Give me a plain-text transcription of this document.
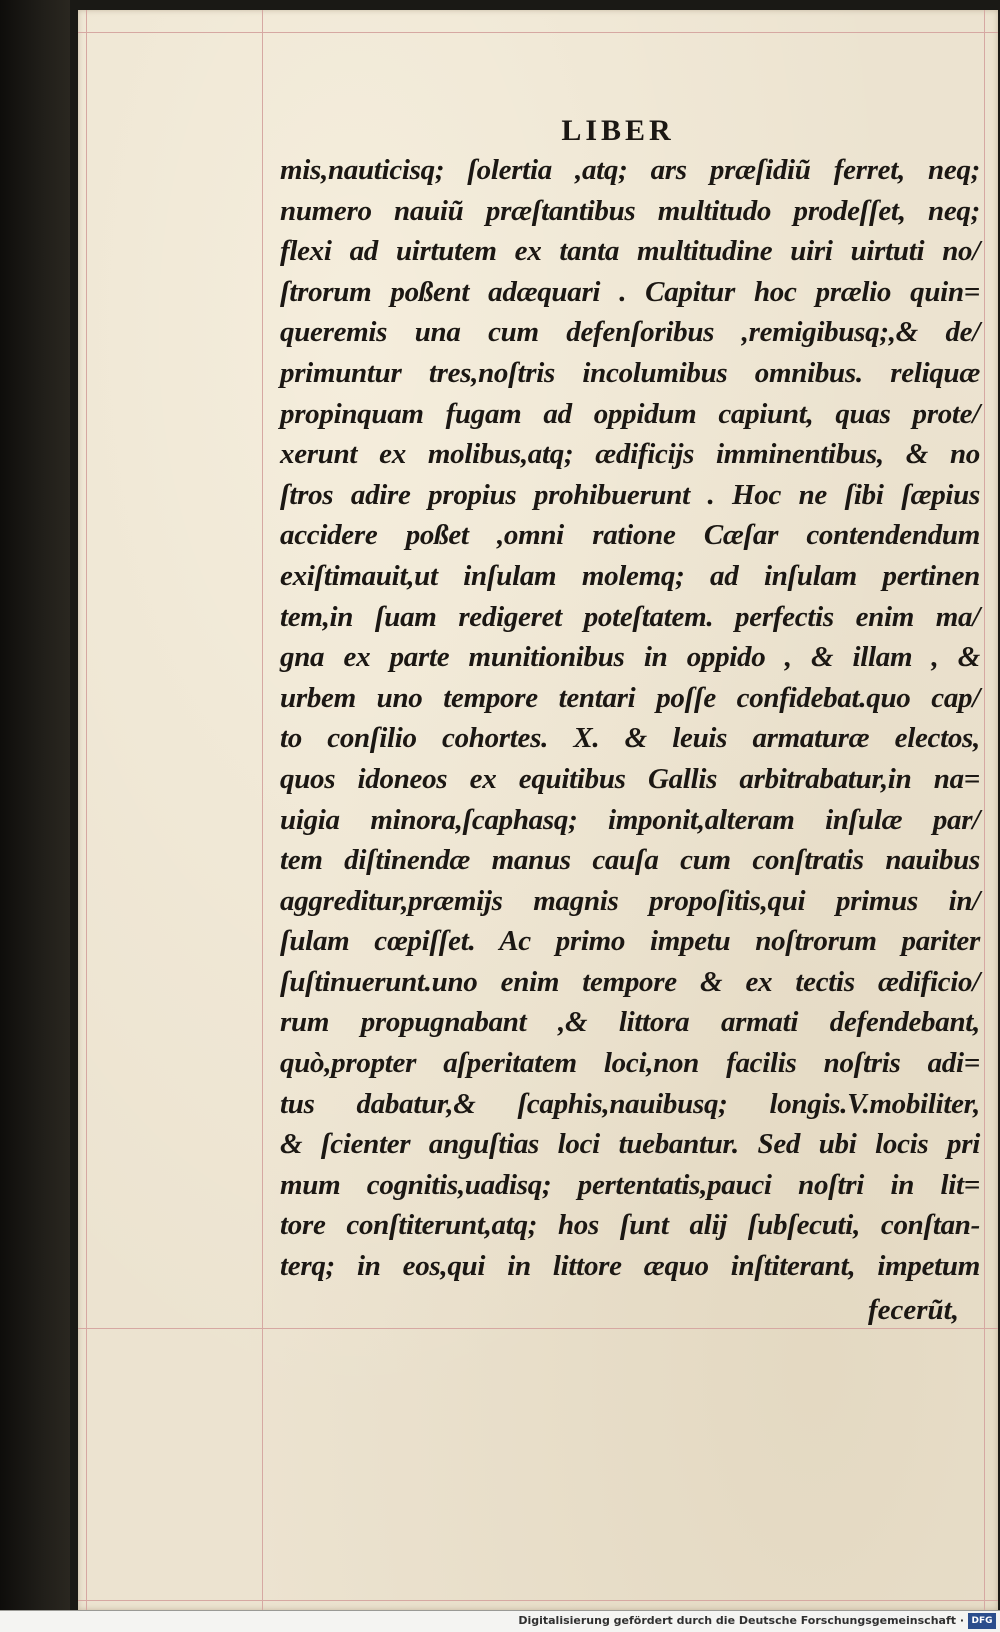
LIBER
mis,nauticisq; ſolertia ,atq; ars præſidiũ ferret, neq;
numero nauiũ præſtantibus multitudo prodeſſet, neq;
flexi ad uirtutem ex tanta multitudine uiri uirtuti no/
ſtrorum poßent adæquari . Capitur hoc prælio quin=
queremis una cum defenſoribus ,remigibusq;,& de/
primuntur tres,noſtris incolumibus omnibus. reliquæ
propinquam fugam ad oppidum capiunt, quas prote/
xerunt ex molibus,atq; ædificijs imminentibus, & no
ſtros adire propius prohibuerunt . Hoc ne ſibi ſæpius
accidere poßet ,omni ratione Cæſar contendendum
exiſtimauit,ut inſulam molemq; ad inſulam pertinen
tem,in ſuam redigeret poteſtatem. perfectis enim ma/
gna ex parte munitionibus in oppido , & illam , &
urbem uno tempore tentari poſſe confidebat.quo cap/
to conſilio cohortes. X. & leuis armaturæ electos,
quos idoneos ex equitibus Gallis arbitrabatur,in na=
uigia minora,ſcaphasq; imponit,alteram inſulæ par/
tem diſtinendæ manus cauſa cum conſtratis nauibus
aggreditur,præmijs magnis propoſitis,qui primus in/
ſulam cœpiſſet. Ac primo impetu noſtrorum pariter
ſuſtinuerunt.uno enim tempore & ex tectis ædificio/
rum propugnabant ,& littora armati defendebant,
quò,propter aſperitatem loci,non facilis noſtris adi=
tus dabatur,& ſcaphis,nauibusq; longis.V.mobiliter,
& ſcienter anguſtias loci tuebantur. Sed ubi locis pri
mum cognitis,uadisq; pertentatis,pauci noſtri in lit=
tore conſtiterunt,atq; hos ſunt alij ſubſecuti, conſtan-
terq; in eos,qui in littore æquo inſtiterant, impetum
fecerũt,
Digitalisierung gefördert durch die Deutsche Forschungsgemeinschaft · DFG
